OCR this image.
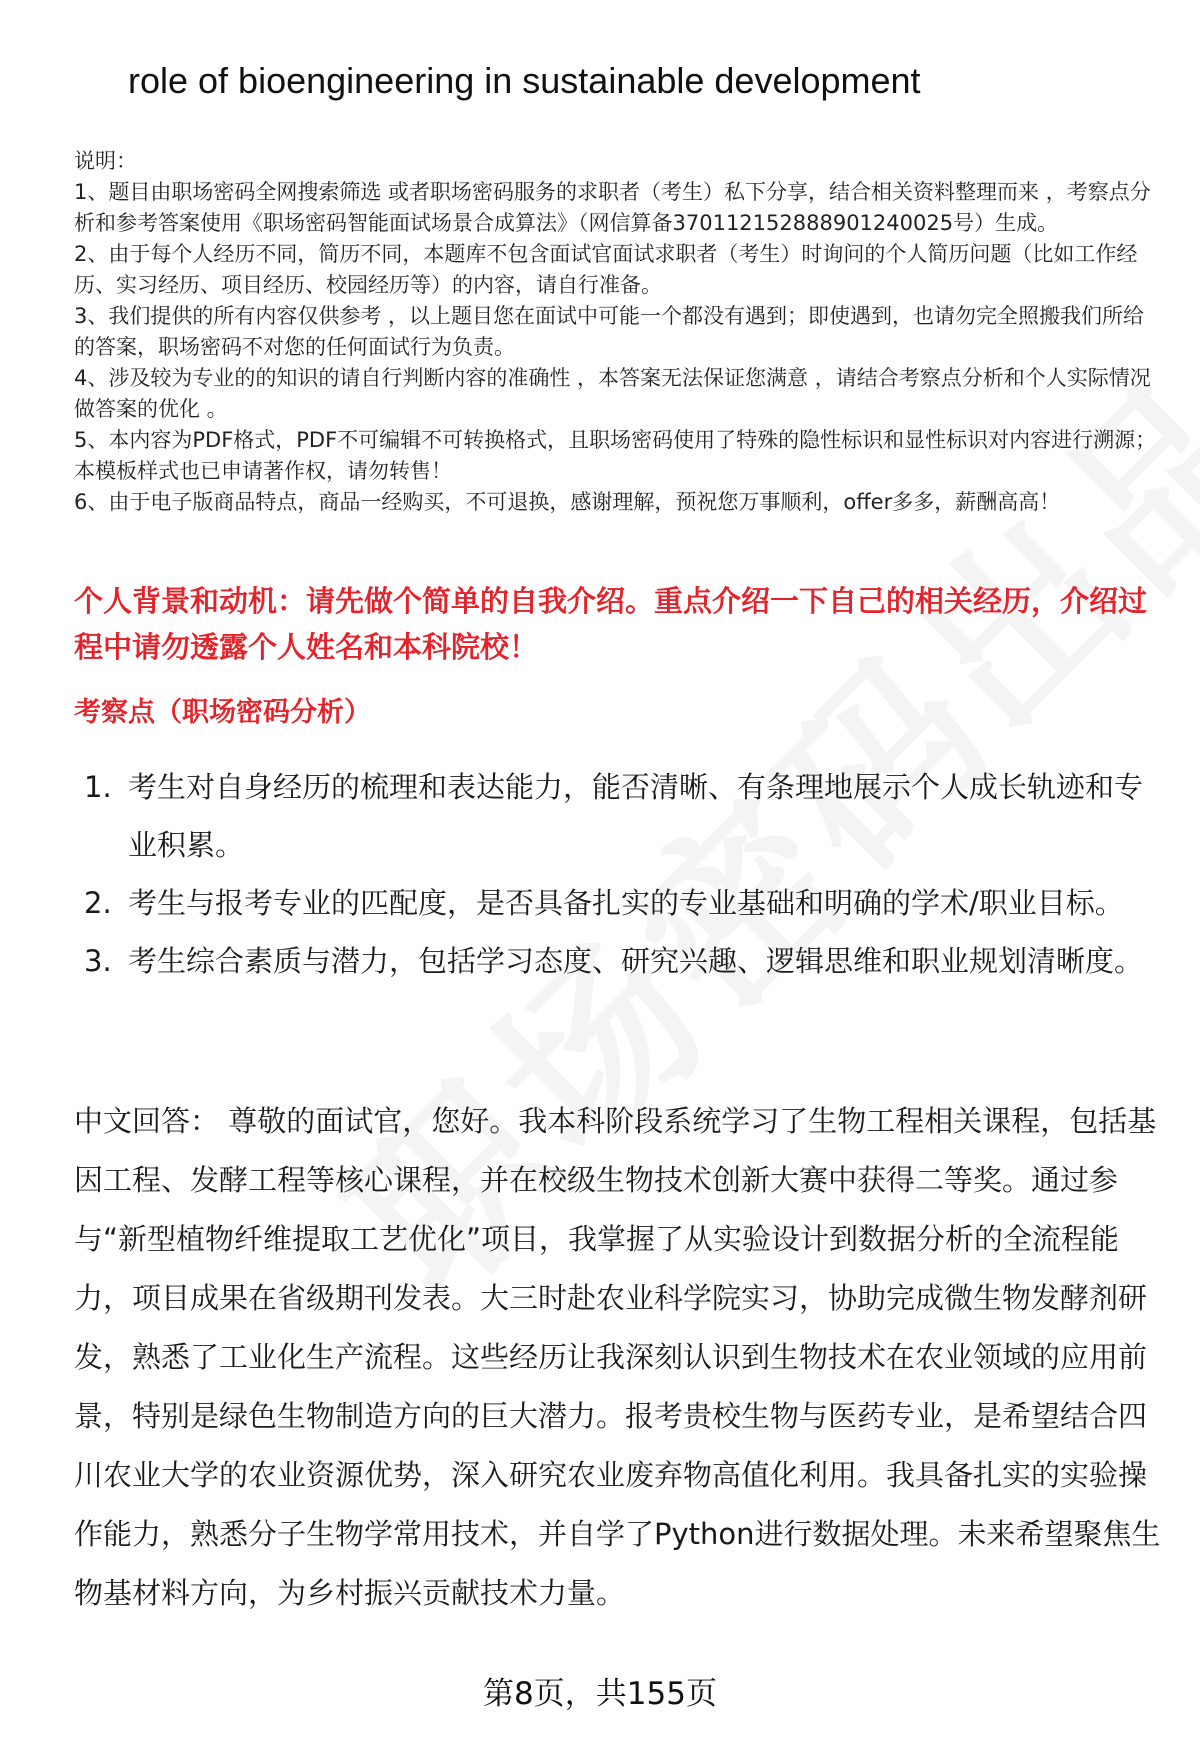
role of bioengineering in sustainable development

说明：

1、题目由职场密码全网搜索筛选 或者职场密码服务的求职者（考生）私下分享，结合相关资料整理而来 ，考察点分析和参考答案使用《职场密码智能面试场景合成算法》（网信算备370112152888901240025号）生成。

2、由于每个人经历不同，简历不同，本题库不包含面试官面试求职者（考生）时询问的个人简历问题（比如工作经历、实习经历、项目经历、校园经历等）的内容，请自行准备。

3、我们提供的所有内容仅供参考 ，以上题目您在面试中可能一个都没有遇到；即使遇到，也请勿完全照搬我们所给的答案，职场密码不对您的任何面试行为负责。

4、涉及较为专业的的知识的请自行判断内容的准确性 ，本答案无法保证您满意 ，请结合考察点分析和个人实际情况做答案的优化 。

5、本内容为PDF格式，PDF不可编辑不可转换格式，且职场密码使用了特殊的隐性标识和显性标识对内容进行溯源；本模板样式也已申请著作权，请勿转售！

6、由于电子版商品特点，商品一经购买，不可退换，感谢理解，预祝您万事顺利，offer多多，薪酬高高！

个人背景和动机：请先做个简单的自我介绍。重点介绍一下自己的相关经历，介绍过程中请勿透露个人姓名和本科院校！

考察点（职场密码分析）
1. 考生对自身经历的梳理和表达能力，能否清晰、有条理地展示个人成长轨迹和专业积累。
2. 考生与报考专业的匹配度，是否具备扎实的专业基础和明确的学术/职业目标。
3. 考生综合素质与潜力，包括学习态度、研究兴趣、逻辑思维和职业规划清晰度。

中文回答： 尊敬的面试官，您好。我本科阶段系统学习了生物工程相关课程，包括基因工程、发酵工程等核心课程，并在校级生物技术创新大赛中获得二等奖。通过参与“新型植物纤维提取工艺优化”项目，我掌握了从实验设计到数据分析的全流程能力，项目成果在省级期刊发表。大三时赴农业科学院实习，协助完成微生物发酵剂研发，熟悉了工业化生产流程。这些经历让我深刻认识到生物技术在农业领域的应用前景，特别是绿色生物制造方向的巨大潜力。报考贵校生物与医药专业，是希望结合四川农业大学的农业资源优势，深入研究农业废弃物高值化利用。我具备扎实的实验操作能力，熟悉分子生物学常用技术，并自学了Python进行数据处理。未来希望聚焦生物基材料方向，为乡村振兴贡献技术力量。

第8页，共155页
